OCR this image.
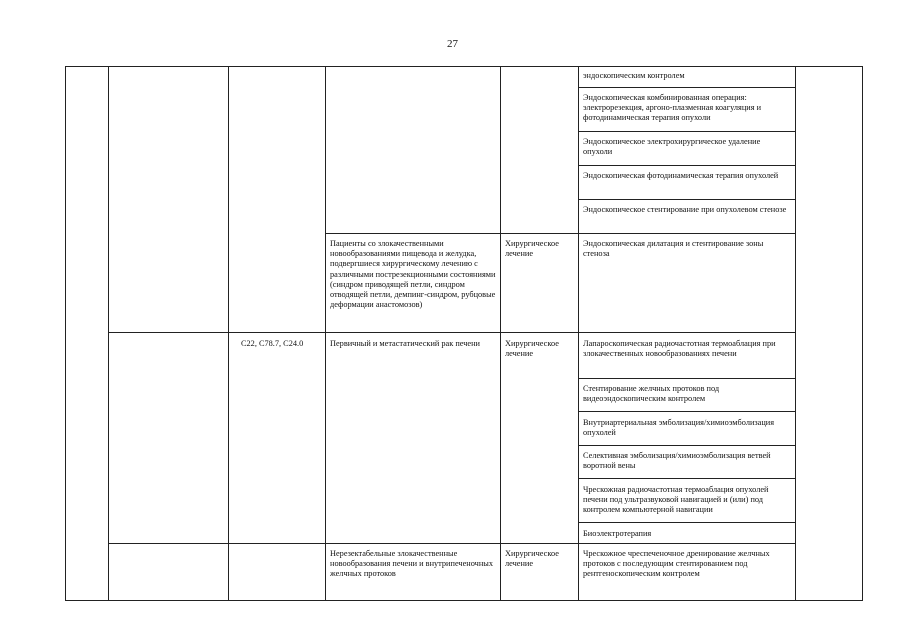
27

эндоскопическим контролем

Эндоскопическая комбинированная операция: электрорезекция, аргоно-плазменная коагуляция и фотодинамическая терапия опухоли

Эндоскопическое электрохирургическое удаление опухоли

Эндоскопическая фотодинамическая терапия опухолей

Эндоскопическое стентирование при опухолевом стенозе

Пациенты со злокачественными новообразованиями пищевода и желудка, подвергшиеся хирургическому лечению с различными пострезекционными состояниями (синдром приводящей петли, синдром отводящей петли, демпинг-синдром, рубцовые деформации анастомозов)

Хирургическое лечение

Эндоскопическая дилатация и стентирование зоны стеноза

C22, C78.7, C24.0	Первичный и метастатический рак печени	Хирургическое лечение

Лапароскопическая радиочастотная термоаблация при злокачественных новообразованиях печени

Стентирование желчных протоков под видеоэндоскопическим контролем

Внутриартериальная эмболизация/химиоэмболизация опухолей

Селективная эмболизация/химиоэмболизация ветвей воротной вены

Чрескожная радиочастотная термоаблация опухолей печени под ультразвуковой навигацией и (или) под контролем компьютерной навигации

Биоэлектротерапия

Нерезектабельные злокачественные новообразования печени и внутрипеченочных желчных протоков

Хирургическое лечение

Чрескожное чреспеченочное дренирование желчных протоков с последующим стентированием под рентгеноскопическим контролем
